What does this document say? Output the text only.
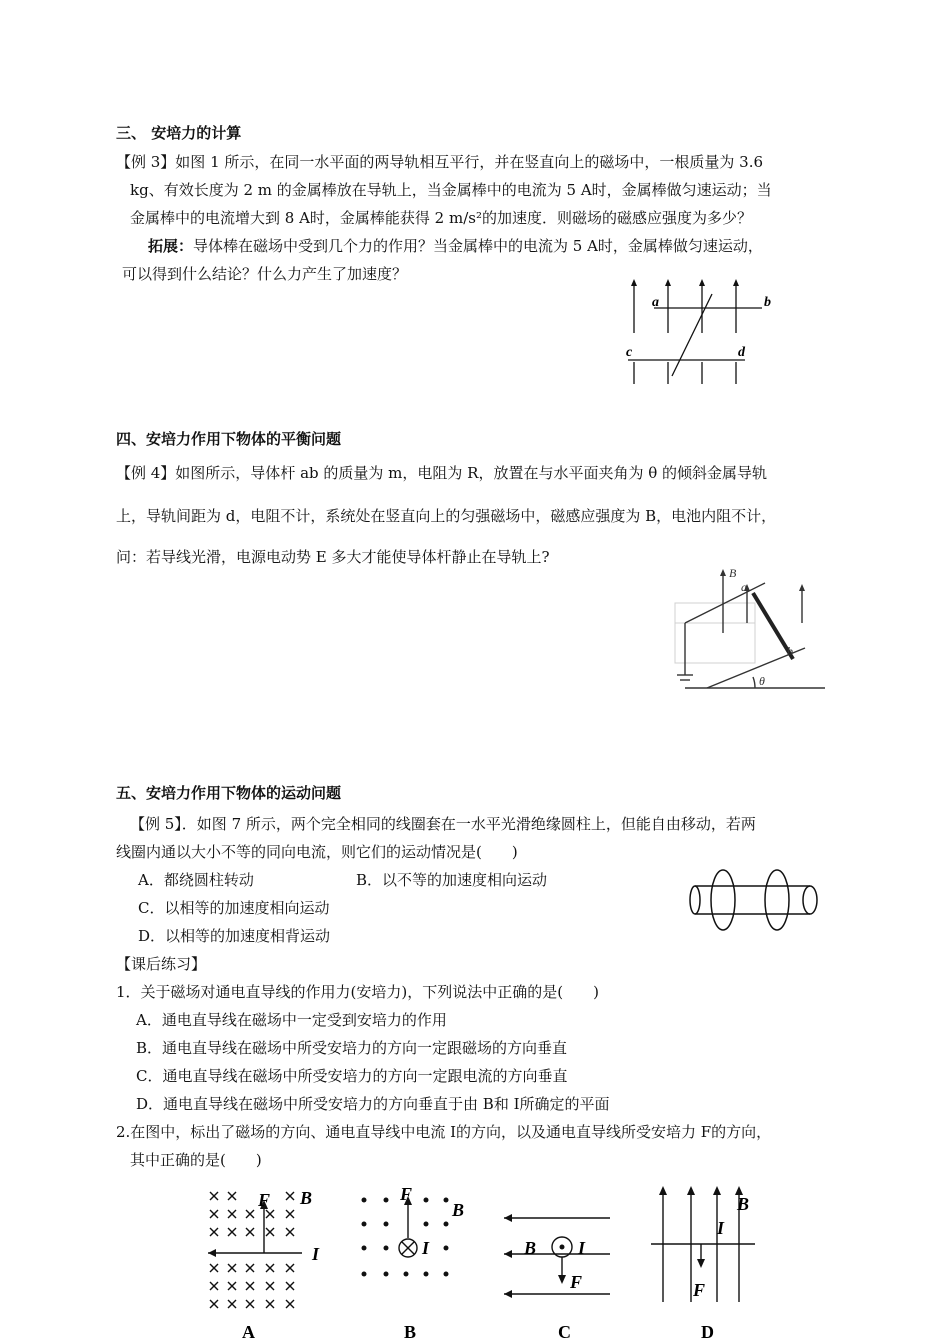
三、 安培力的计算
【例 3】如图 1 所示，在同一水平面的两导轨相互平行，并在竖直向上的磁场中，一根质量为 3.6
kg、有效长度为 2 m 的金属棒放在导轨上，当金属棒中的电流为 5 A时，金属棒做匀速运动；当
金属棒中的电流增大到 8 A时，金属棒能获得 2 m/s²的加速度．则磁场的磁感应强度为多少？
拓展：导体棒在磁场中受到几个力的作用？当金属棒中的电流为 5 A时，金属棒做匀速运动，
可以得到什么结论？什么力产生了加速度？
a	b
c	d
四、安培力作用下物体的平衡问题
【例 4】如图所示，导体杆 ab 的质量为 m，电阻为 R，放置在与水平面夹角为 θ 的倾斜金属导轨
上，导轨间距为 d，电阻不计，系统处在竖直向上的匀强磁场中，磁感应强度为 B，电池内阻不计，
问：若导线光滑，电源电动势 E 多大才能使导体杆静止在导轨上?
B
a
b
θ
五、安培力作用下物体的运动问题
【例 5】．如图 7 所示，两个完全相同的线圈套在一水平光滑绝缘圆柱上，但能自由移动，若两
线圈内通以大小不等的同向电流，则它们的运动情况是(　　)
A．都绕圆柱转动	B．以不等的加速度相向运动
C．以相等的加速度相向运动
D．以相等的加速度相背运动
【课后练习】
1．关于磁场对通电直导线的作用力(安培力)，下列说法中正确的是(　　)
A．通电直导线在磁场中一定受到安培力的作用
B．通电直导线在磁场中所受安培力的方向一定跟磁场的方向垂直
C．通电直导线在磁场中所受安培力的方向一定跟电流的方向垂直
D．通电直导线在磁场中所受安培力的方向垂直于由 B和 I所确定的平面
2.在图中，标出了磁场的方向、通电直导线中电流 I的方向，以及通电直导线所受安培力 F的方向，
其中正确的是(　　)
F B
I
A
F
B
I
B
B I
F
C
B
I
F
D
